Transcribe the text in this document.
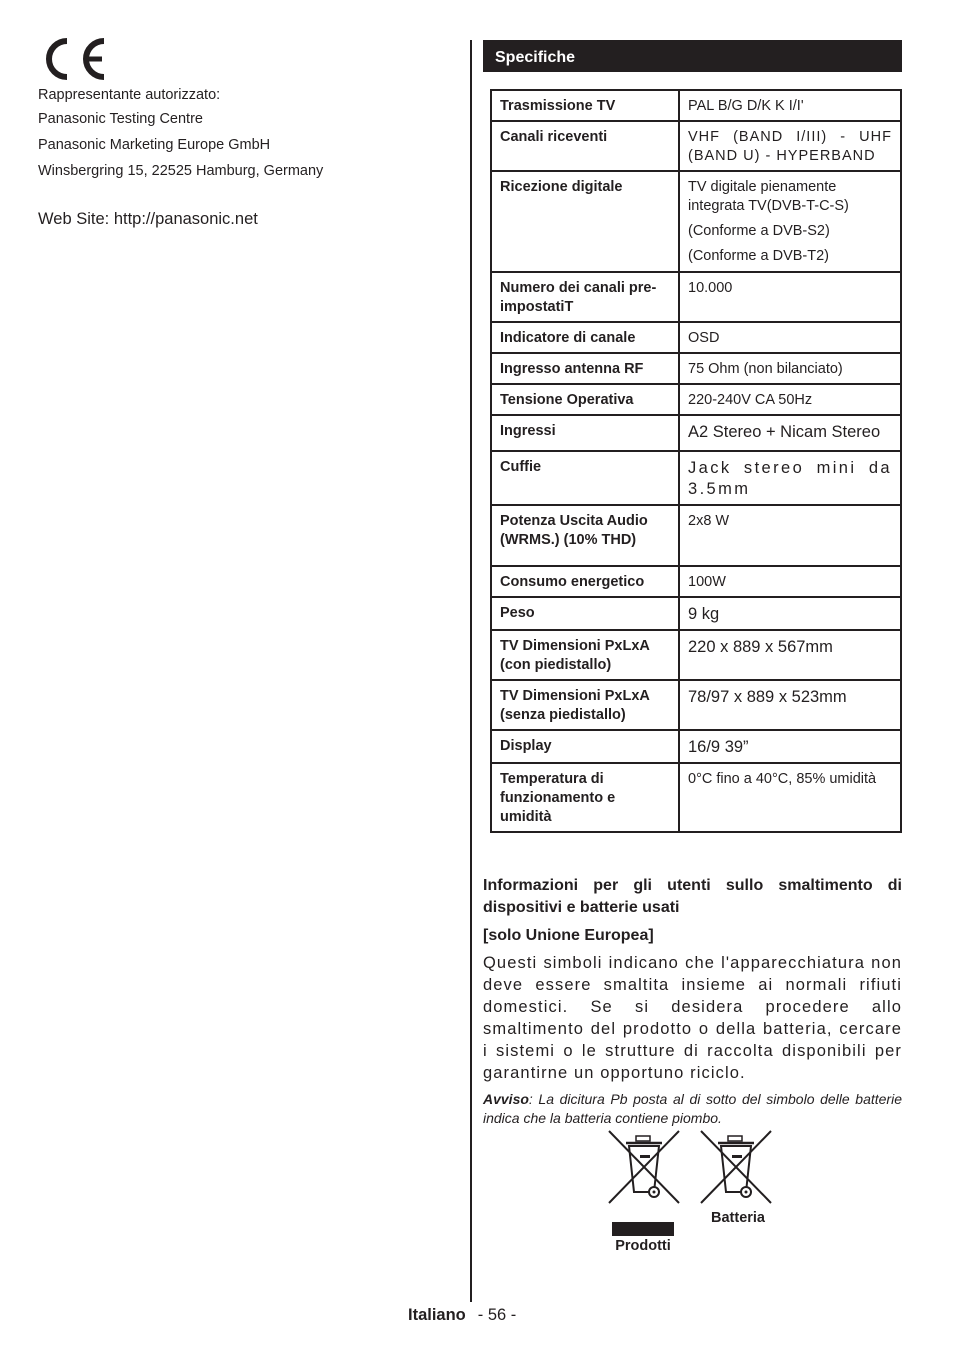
Rappresentante autorizzato:

Panasonic Testing Centre

Panasonic Marketing Europe GmbH

Winsbergring 15, 22525 Hamburg, Germany

Web Site: http://panasonic.net
Specifiche
Trasmissione TV	PAL B/G D/K K I/I'
Canali riceventi	VHF (BAND I/III) - UHF (BAND U) - HYPERBAND
Ricezione digitale	TV digitale pienamente integrata TV(DVB-T-C-S)
(Conforme a DVB-S2)
(Conforme a DVB-T2)

Numero dei canali pre-impostatiT	10.000
Indicatore di canale	OSD
Ingresso antenna RF	75 Ohm (non bilanciato)
Tensione Operativa	220-240V CA 50Hz
Ingressi	A2 Stereo + Nicam Stereo
Cuffie	Jack stereo mini da 3.5mm
Potenza Uscita Audio (WRMS.) (10% THD)	2x8 W
Consumo energetico	100W
Peso	9 kg
TV Dimensioni PxLxA (con piedistallo)	220 x 889 x 567mm
TV Dimensioni PxLxA (senza piedistallo)	78/97 x 889 x 523mm
Display	16/9 39”
Temperatura di funzionamento e umidità	0°C fino a 40°C, 85% umidità

Informazioni per gli utenti sullo smaltimento di dispositivi e batterie usati

[solo Unione Europea]
Questi simboli indicano che l'apparecchiatura non deve essere smaltita insieme ai normali rifiuti domestici. Se si desidera procedere allo smaltimento del prodotto o della batteria, cercare i sistemi o le strutture di raccolta disponibili per garantirne un opportuno riciclo.
Avviso: La dicitura Pb posta al di sotto del simbolo delle batterie indica che la batteria contiene piombo.
Prodotti
Batteria
Italiano - 56 -
